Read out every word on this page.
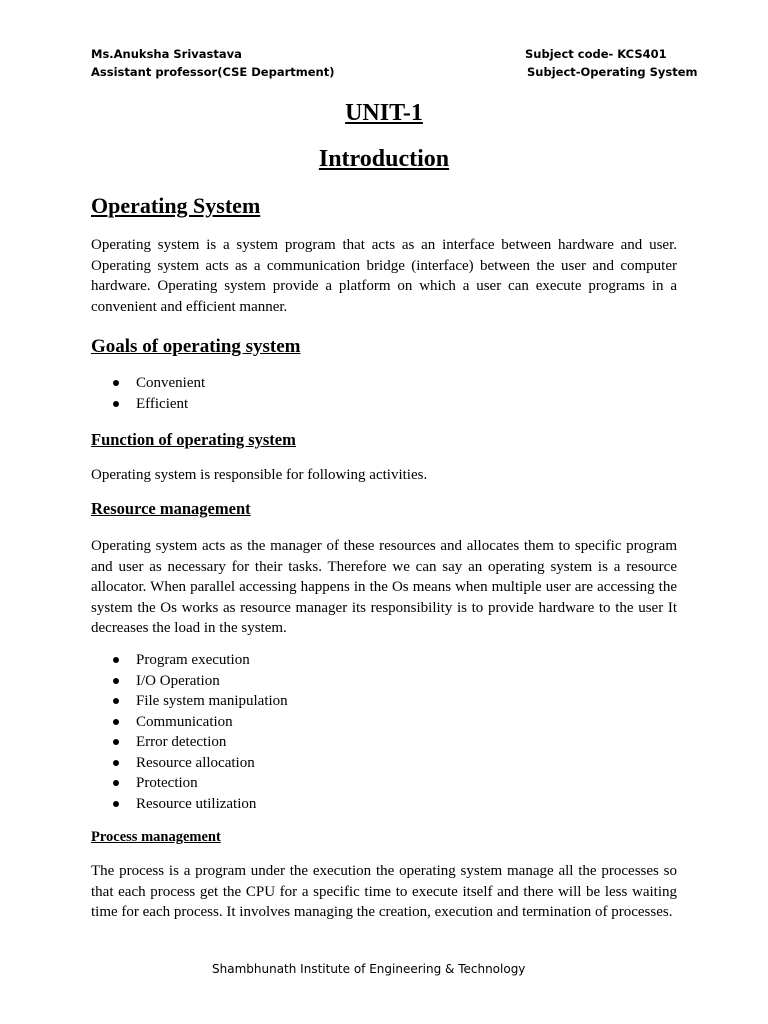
Ms.Anuksha Srivastava
Assistant professor(CSE Department)
Subject code- KCS401
Subject-Operating System
UNIT-1
Introduction
Operating System
Operating system is a system program that acts as an interface between hardware and user. Operating system acts as a communication bridge (interface) between the user and computer hardware. Operating system provide a platform on which a user can execute programs in a convenient and efficient manner.
Goals of operating system
Convenient
Efficient
Function of operating system
Operating system is responsible for following activities.
Resource management
Operating system acts as the manager of these resources and allocates them to specific program and user as necessary for their tasks. Therefore we can say an operating system is a resource allocator. When parallel accessing happens in the Os means when multiple user are accessing the system the Os works as resource manager its responsibility is to provide hardware to the user It decreases the load in the system.
Program execution
I/O Operation
File system manipulation
Communication
Error detection
Resource allocation
Protection
Resource utilization
Process management
The process is a program under the execution the operating system manage all the processes so that each process get the CPU for a specific time to execute itself and there will be less waiting time for each process. It involves managing the creation, execution and termination of processes.
Shambhunath Institute of Engineering & Technology
